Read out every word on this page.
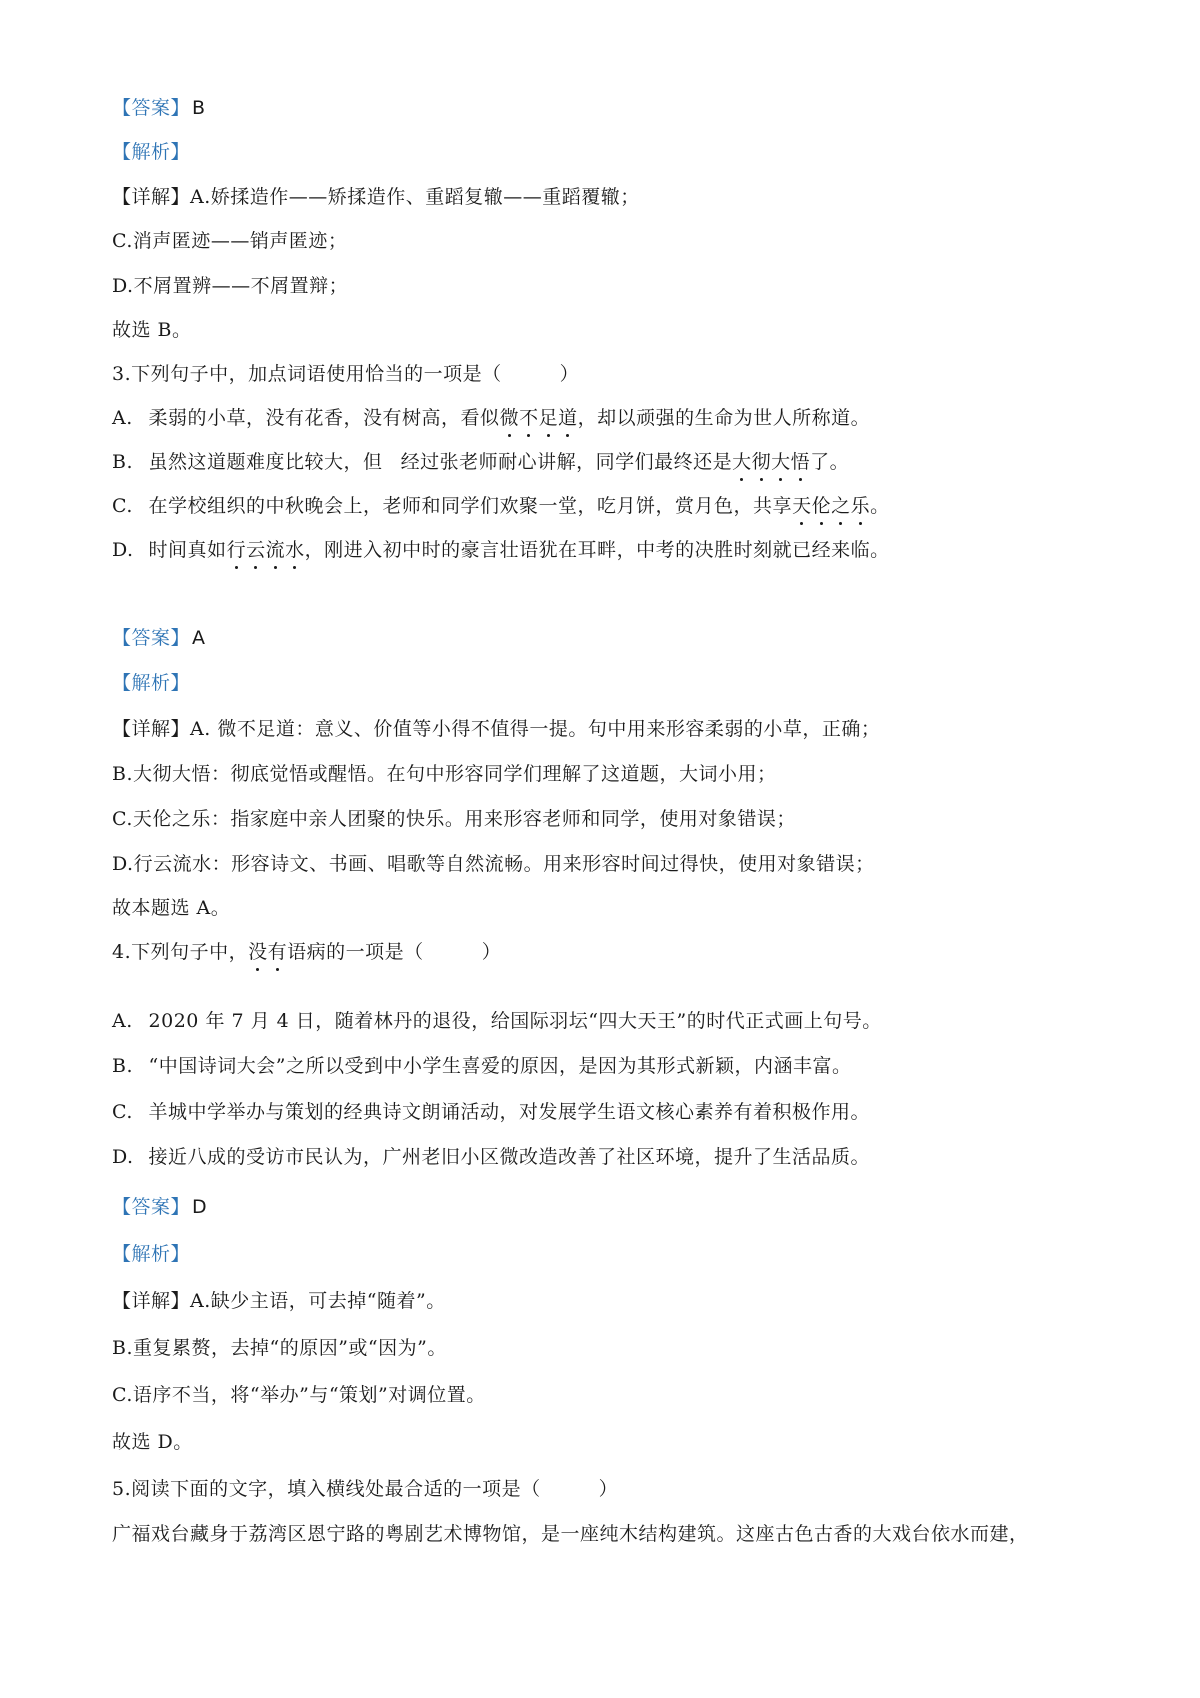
【答案】 B
【解析】
【详解】A.娇揉造作——矫揉造作、重蹈复辙——重蹈覆辙；
C.消声匿迹——销声匿迹；
D.不屑置辨——不屑置辩；
故选 B。
3.下列句子中，加点词语使用恰当的一项是（	）
A. 柔弱的小草，没有花香，没有树高，看似微不足道，却以顽强的生命为世人所称道。
B. 虽然这道题难度比较大，但 经过张老师耐心讲解，同学们最终还是大彻大悟了。
C. 在学校组织的中秋晚会上，老师和同学们欢聚一堂，吃月饼，赏月色，共享天伦之乐。
D. 时间真如行云流水，刚进入初中时的豪言壮语犹在耳畔，中考的决胜时刻就已经来临。
【答案】 A
【解析】
【详解】A. 微不足道：意义、价值等小得不值得一提。句中用来形容柔弱的小草，正确；
B.大彻大悟：彻底觉悟或醒悟。在句中形容同学们理解了这道题，大词小用；
C.天伦之乐：指家庭中亲人团聚的快乐。用来形容老师和同学，使用对象错误；
D.行云流水：形容诗文、书画、唱歌等自然流畅。用来形容时间过得快，使用对象错误；
故本题选 A。
4.下列句子中，没有语病的一项是（	）
A. 2020 年 7 月 4 日，随着林丹的退役，给国际羽坛“四大天王”的时代正式画上句号。
B. “中国诗词大会”之所以受到中小学生喜爱的原因，是因为其形式新颖，内涵丰富。
C. 羊城中学举办与策划的经典诗文朗诵活动，对发展学生语文核心素养有着积极作用。
D. 接近八成的受访市民认为，广州老旧小区微改造改善了社区环境，提升了生活品质。
【答案】 D
【解析】
【详解】A.缺少主语，可去掉“随着”。
B.重复累赘，去掉“的原因”或“因为”。
C.语序不当，将“举办”与“策划”对调位置。
故选 D。
5.阅读下面的文字，填入横线处最合适的一项是（	）
广福戏台藏身于荔湾区恩宁路的粤剧艺术博物馆，是一座纯木结构建筑。这座古色古香的大戏台依水而建，
